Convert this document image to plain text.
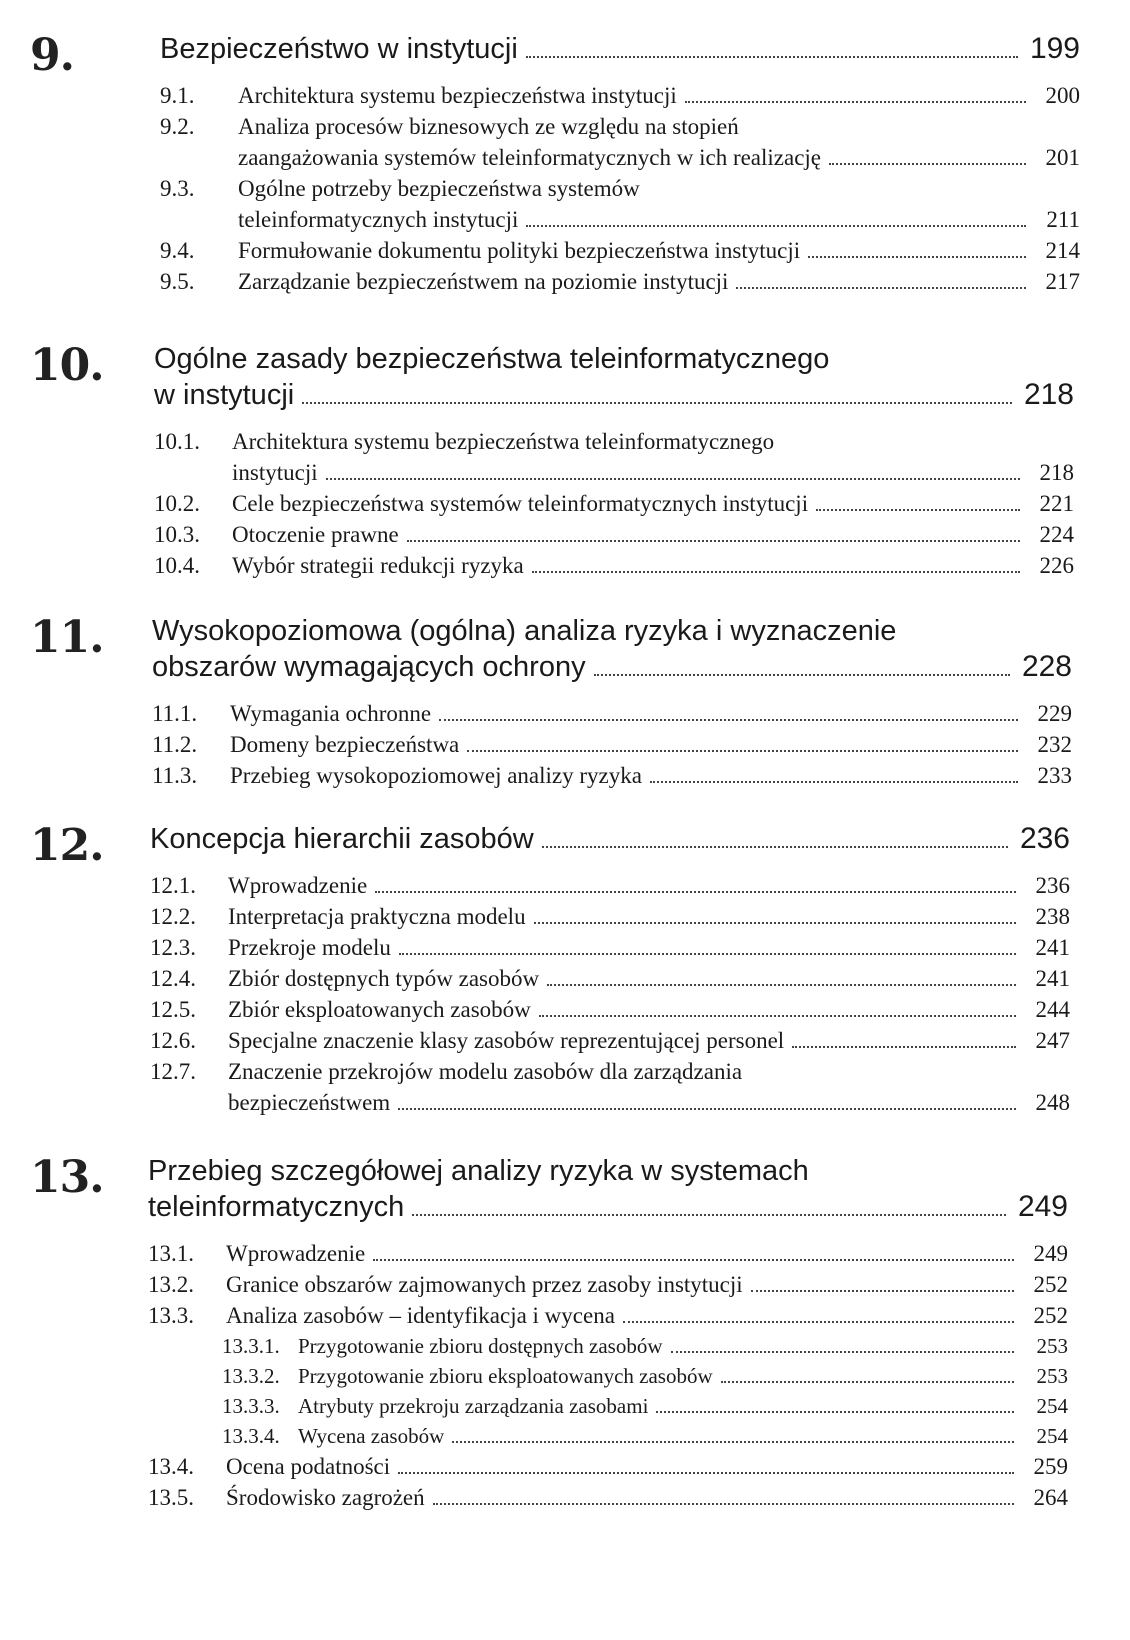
9.	Bezpieczeństwo w instytucji	199
9.1.	Architektura systemu bezpieczeństwa instytucji	200
9.2.	Analiza procesów biznesowych ze względu na stopień
zaangażowania systemów teleinformatycznych w ich realizację	201
9.3.	Ogólne potrzeby bezpieczeństwa systemów
teleinformatycznych instytucji	211
9.4.	Formułowanie dokumentu polityki bezpieczeństwa instytucji	214
9.5.	Zarządzanie bezpieczeństwem na poziomie instytucji	217
10. Ogólne zasady bezpieczeństwa teleinformatycznego
w instytucji	218
10.1.	Architektura systemu bezpieczeństwa teleinformatycznego
instytucji	218
10.2.	Cele bezpieczeństwa systemów teleinformatycznych instytucji	221
10.3.	Otoczenie prawne	224
10.4.	Wybór strategii redukcji ryzyka	226
11. Wysokopoziomowa (ogólna) analiza ryzyka i wyznaczenie
obszarów wymagających ochrony	228
11.1.	Wymagania ochronne	229
11.2.	Domeny bezpieczeństwa	232
11.3.	Przebieg wysokopoziomowej analizy ryzyka	233
12. Koncepcja hierarchii zasobów	236
12.1.	Wprowadzenie	236
12.2.	Interpretacja praktyczna modelu	238
12.3.	Przekroje modelu	241
12.4.	Zbiór dostępnych typów zasobów	241
12.5.	Zbiór eksploatowanych zasobów	244
12.6.	Specjalne znaczenie klasy zasobów reprezentującej personel	247
12.7.	Znaczenie przekrojów modelu zasobów dla zarządzania
bezpieczeństwem	248
13. Przebieg szczegółowej analizy ryzyka w systemach
teleinformatycznych	249
13.1.	Wprowadzenie	249
13.2.	Granice obszarów zajmowanych przez zasoby instytucji	252
13.3.	Analiza zasobów – identyfikacja i wycena	252
13.3.1. Przygotowanie zbioru dostępnych zasobów	253
13.3.2. Przygotowanie zbioru eksploatowanych zasobów	253
13.3.3. Atrybuty przekroju zarządzania zasobami	254
13.3.4. Wycena zasobów	254
13.4.	Ocena podatności	259
13.5.	Środowisko zagrożeń	264
